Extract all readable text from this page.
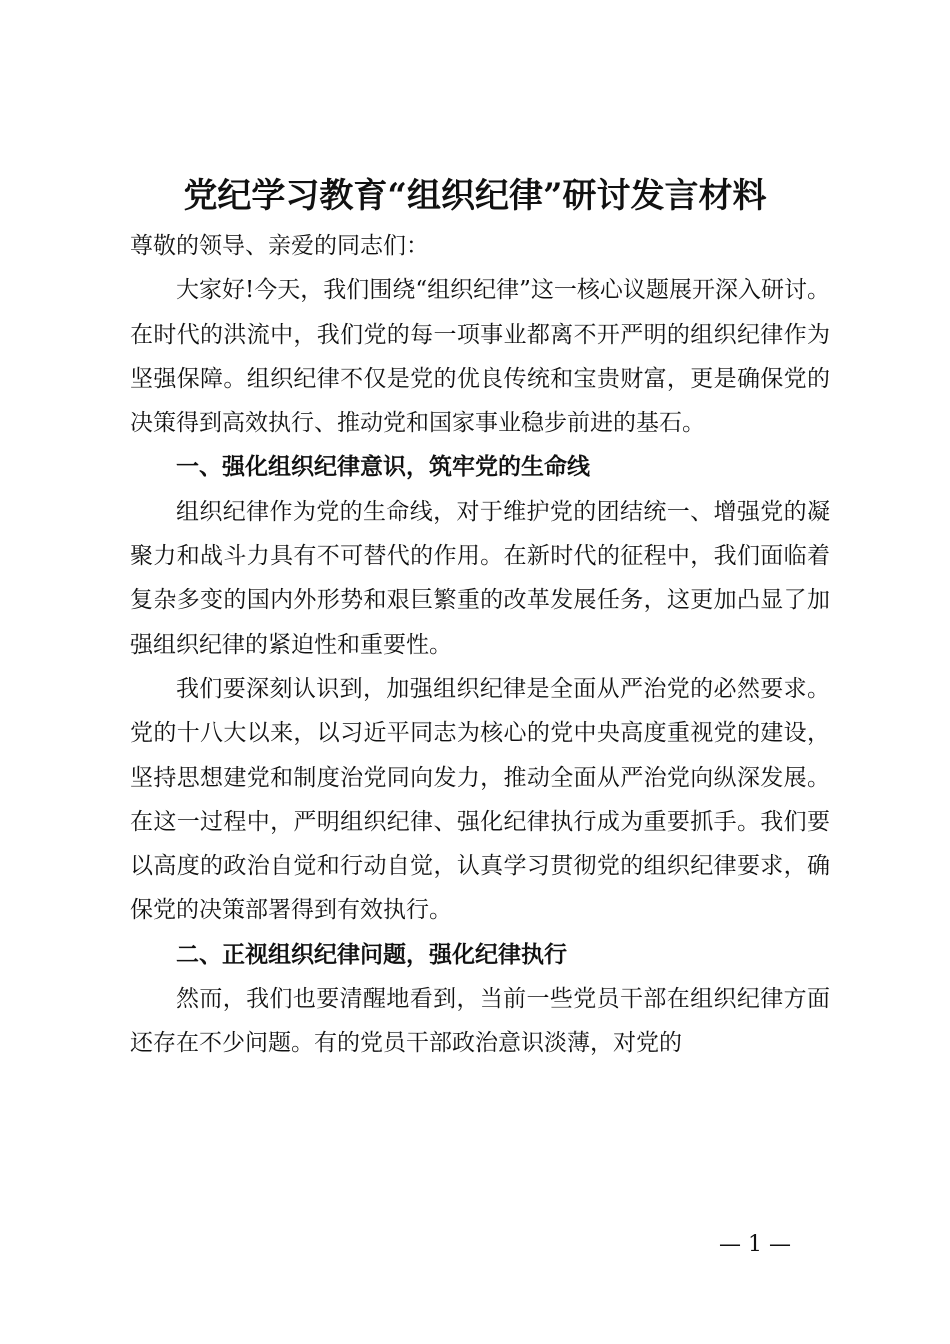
党纪学习教育“组织纪律”研讨发言材料

尊敬的领导、亲爱的同志们：

大家好!今天，我们围绕“组织纪律”这一核心议题展开深入研讨。在时代的洪流中，我们党的每一项事业都离不开严明的组织纪律作为坚强保障。组织纪律不仅是党的优良传统和宝贵财富，更是确保党的决策得到高效执行、推动党和国家事业稳步前进的基石。

一、强化组织纪律意识，筑牢党的生命线

组织纪律作为党的生命线，对于维护党的团结统一、增强党的凝聚力和战斗力具有不可替代的作用。在新时代的征程中，我们面临着复杂多变的国内外形势和艰巨繁重的改革发展任务，这更加凸显了加强组织纪律的紧迫性和重要性。

我们要深刻认识到，加强组织纪律是全面从严治党的必然要求。党的十八大以来，以习近平同志为核心的党中央高度重视党的建设，坚持思想建党和制度治党同向发力，推动全面从严治党向纵深发展。在这一过程中，严明组织纪律、强化纪律执行成为重要抓手。我们要以高度的政治自觉和行动自觉，认真学习贯彻党的组织纪律要求，确保党的决策部署得到有效执行。

二、正视组织纪律问题，强化纪律执行

然而，我们也要清醒地看到，当前一些党员干部在组织纪律方面还存在不少问题。有的党员干部政治意识淡薄，对党的

— 1 —
